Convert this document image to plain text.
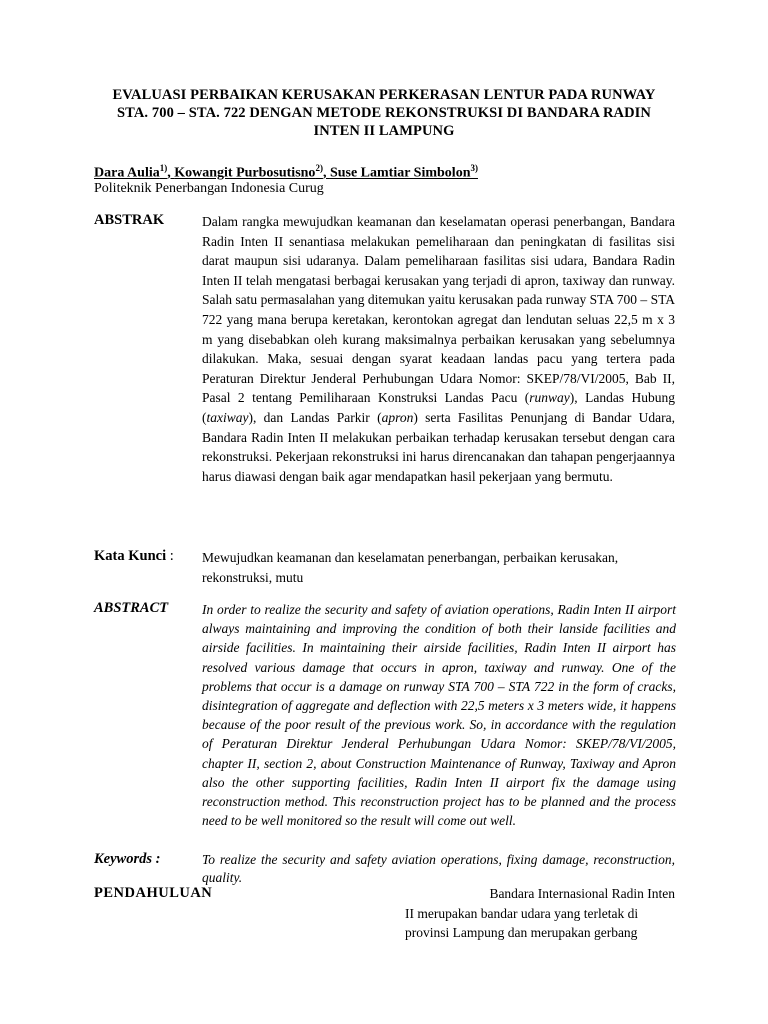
EVALUASI PERBAIKAN KERUSAKAN PERKERASAN LENTUR PADA RUNWAY
STA. 700 – STA. 722 DENGAN METODE REKONSTRUKSI DI BANDARA RADIN
INTEN II LAMPUNG
Dara Aulia$^{1)}$, Kowangit Purbosutisno$^{2)}$, Suse Lamtiar Simbolon$^{3)}$
Politeknik Penerbangan Indonesia Curug
ABSTRAK	Dalam rangka mewujudkan keamanan dan keselamatan operasi penerbangan, Bandara Radin Inten II senantiasa melakukan pemeliharaan dan peningkatan di fasilitas sisi darat maupun sisi udaranya. Dalam pemeliharaan fasilitas sisi udara, Bandara Radin Inten II telah mengatasi berbagai kerusakan yang terjadi di apron, taxiway dan runway. Salah satu permasalahan yang ditemukan yaitu kerusakan pada runway STA 700 – STA 722 yang mana berupa keretakan, kerontokan agregat dan lendutan seluas 22,5 m x 3 m yang disebabkan oleh kurang maksimalnya perbaikan kerusakan yang sebelumnya dilakukan. Maka, sesuai dengan syarat keadaan landas pacu yang tertera pada Peraturan Direktur Jenderal Perhubungan Udara Nomor: SKEP/78/VI/2005, Bab II, Pasal 2 tentang Pemiliharaan Konstruksi Landas Pacu (runway), Landas Hubung (taxiway), dan Landas Parkir (apron) serta Fasilitas Penunjang di Bandar Udara, Bandara Radin Inten II melakukan perbaikan terhadap kerusakan tersebut dengan cara rekonstruksi. Pekerjaan rekonstruksi ini harus direncanakan dan tahapan pengerjaannya harus diawasi dengan baik agar mendapatkan hasil pekerjaan yang bermutu.
Kata Kunci : Mewujudkan keamanan dan keselamatan penerbangan, perbaikan kerusakan, rekonstruksi, mutu
ABSTRACT	In order to realize the security and safety of aviation operations, Radin Inten II airport always maintaining and improving the condition of both their lanside facilities and airside facilities. In maintaining their airside facilities, Radin Inten II airport has resolved various damage that occurs in apron, taxiway and runway. One of the problems that occur is a damage on runway STA 700 – STA 722 in the form of cracks, disintegration of aggregate and deflection with 22,5 meters x 3 meters wide, it happens because of the poor result of the previous work. So, in accordance with the regulation of Peraturan Direktur Jenderal Perhubungan Udara Nomor: SKEP/78/VI/2005, chapter II, section 2, about Construction Maintenance of Runway, Taxiway and Apron also the other supporting facilities, Radin Inten II airport fix the damage using reconstruction method. This reconstruction project has to be planned and the process need to be well monitored so the result will come out well.
Keywords :	To realize the security and safety aviation operations, fixing damage, reconstruction, quality.
PENDAHULUAN	Bandara Internasional Radin Inten
II merupakan bandar udara yang terletak di
provinsi Lampung dan merupakan gerbang
